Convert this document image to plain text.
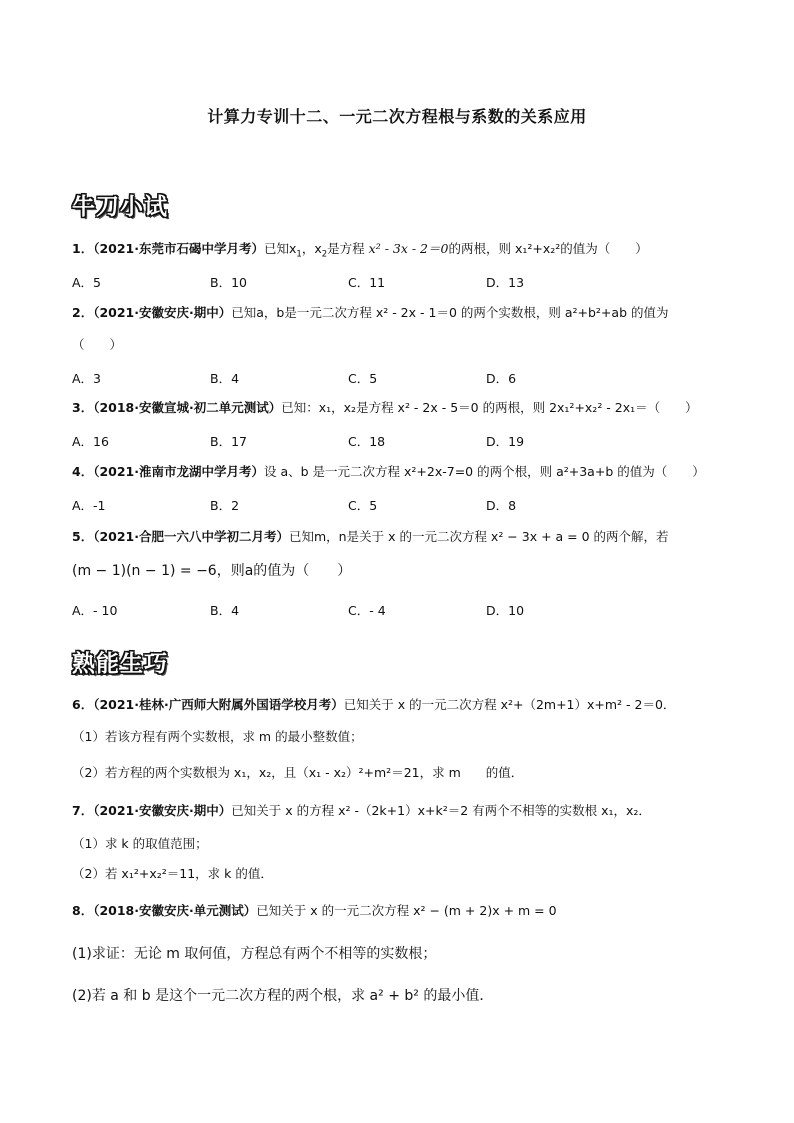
计算力专训十二、一元二次方程根与系数的关系应用
牛刀小试
1．（2021·东莞市石碣中学月考）已知$x_1$，$x_2$是方程 x² - 3x - 2＝0的两根，则 x₁²+x₂²的值为（　　）
A．5	B．10	C．11	D．13
2．（2021·安徽安庆·期中）已知a，b是一元二次方程 x² - 2x - 1＝0 的两个实数根，则 a²+b²+ab 的值为
（　　）
A．3	B．4	C．5	D．6
3．（2018·安徽宣城·初二单元测试）已知：x₁，x₂是方程 x² - 2x - 5＝0 的两根，则 2x₁²+x₂² - 2x₁＝（　　）
A．16	B．17	C．18	D．19
4．（2021·淮南市龙湖中学月考）设 a、b 是一元二次方程 x²+2x-7=0 的两个根，则 a²+3a+b 的值为（　　）
A．-1	B．2	C．5	D．8
5．（2021·合肥一六八中学初二月考）已知m，n是关于 x 的一元二次方程 x² − 3x + a = 0 的两个解，若
(m − 1)(n − 1) = −6，则a的值为（　　）
A．- 10	B．4	C．- 4	D．10
熟能生巧
6．（2021·桂林·广西师大附属外国语学校月考）已知关于 x 的一元二次方程 x²+（2m+1）x+m² - 2＝0．
（1）若该方程有两个实数根，求 m 的最小整数值；
（2）若方程的两个实数根为 x₁，x₂，且（x₁ - x₂）²+m²＝21，求 m　　的值．
7．（2021·安徽安庆·期中）已知关于 x 的方程 x² -（2k+1）x+k²＝2 有两个不相等的实数根 x₁，x₂．
（1）求 k 的取值范围；
（2）若 x₁²+x₂²＝11，求 k 的值．
8．（2018·安徽安庆·单元测试）已知关于 x 的一元二次方程 x² − (m + 2)x + m = 0
(1)求证：无论 m 取何值，方程总有两个不相等的实数根；
(2)若 a 和 b 是这个一元二次方程的两个根，求 a² + b² 的最小值．
